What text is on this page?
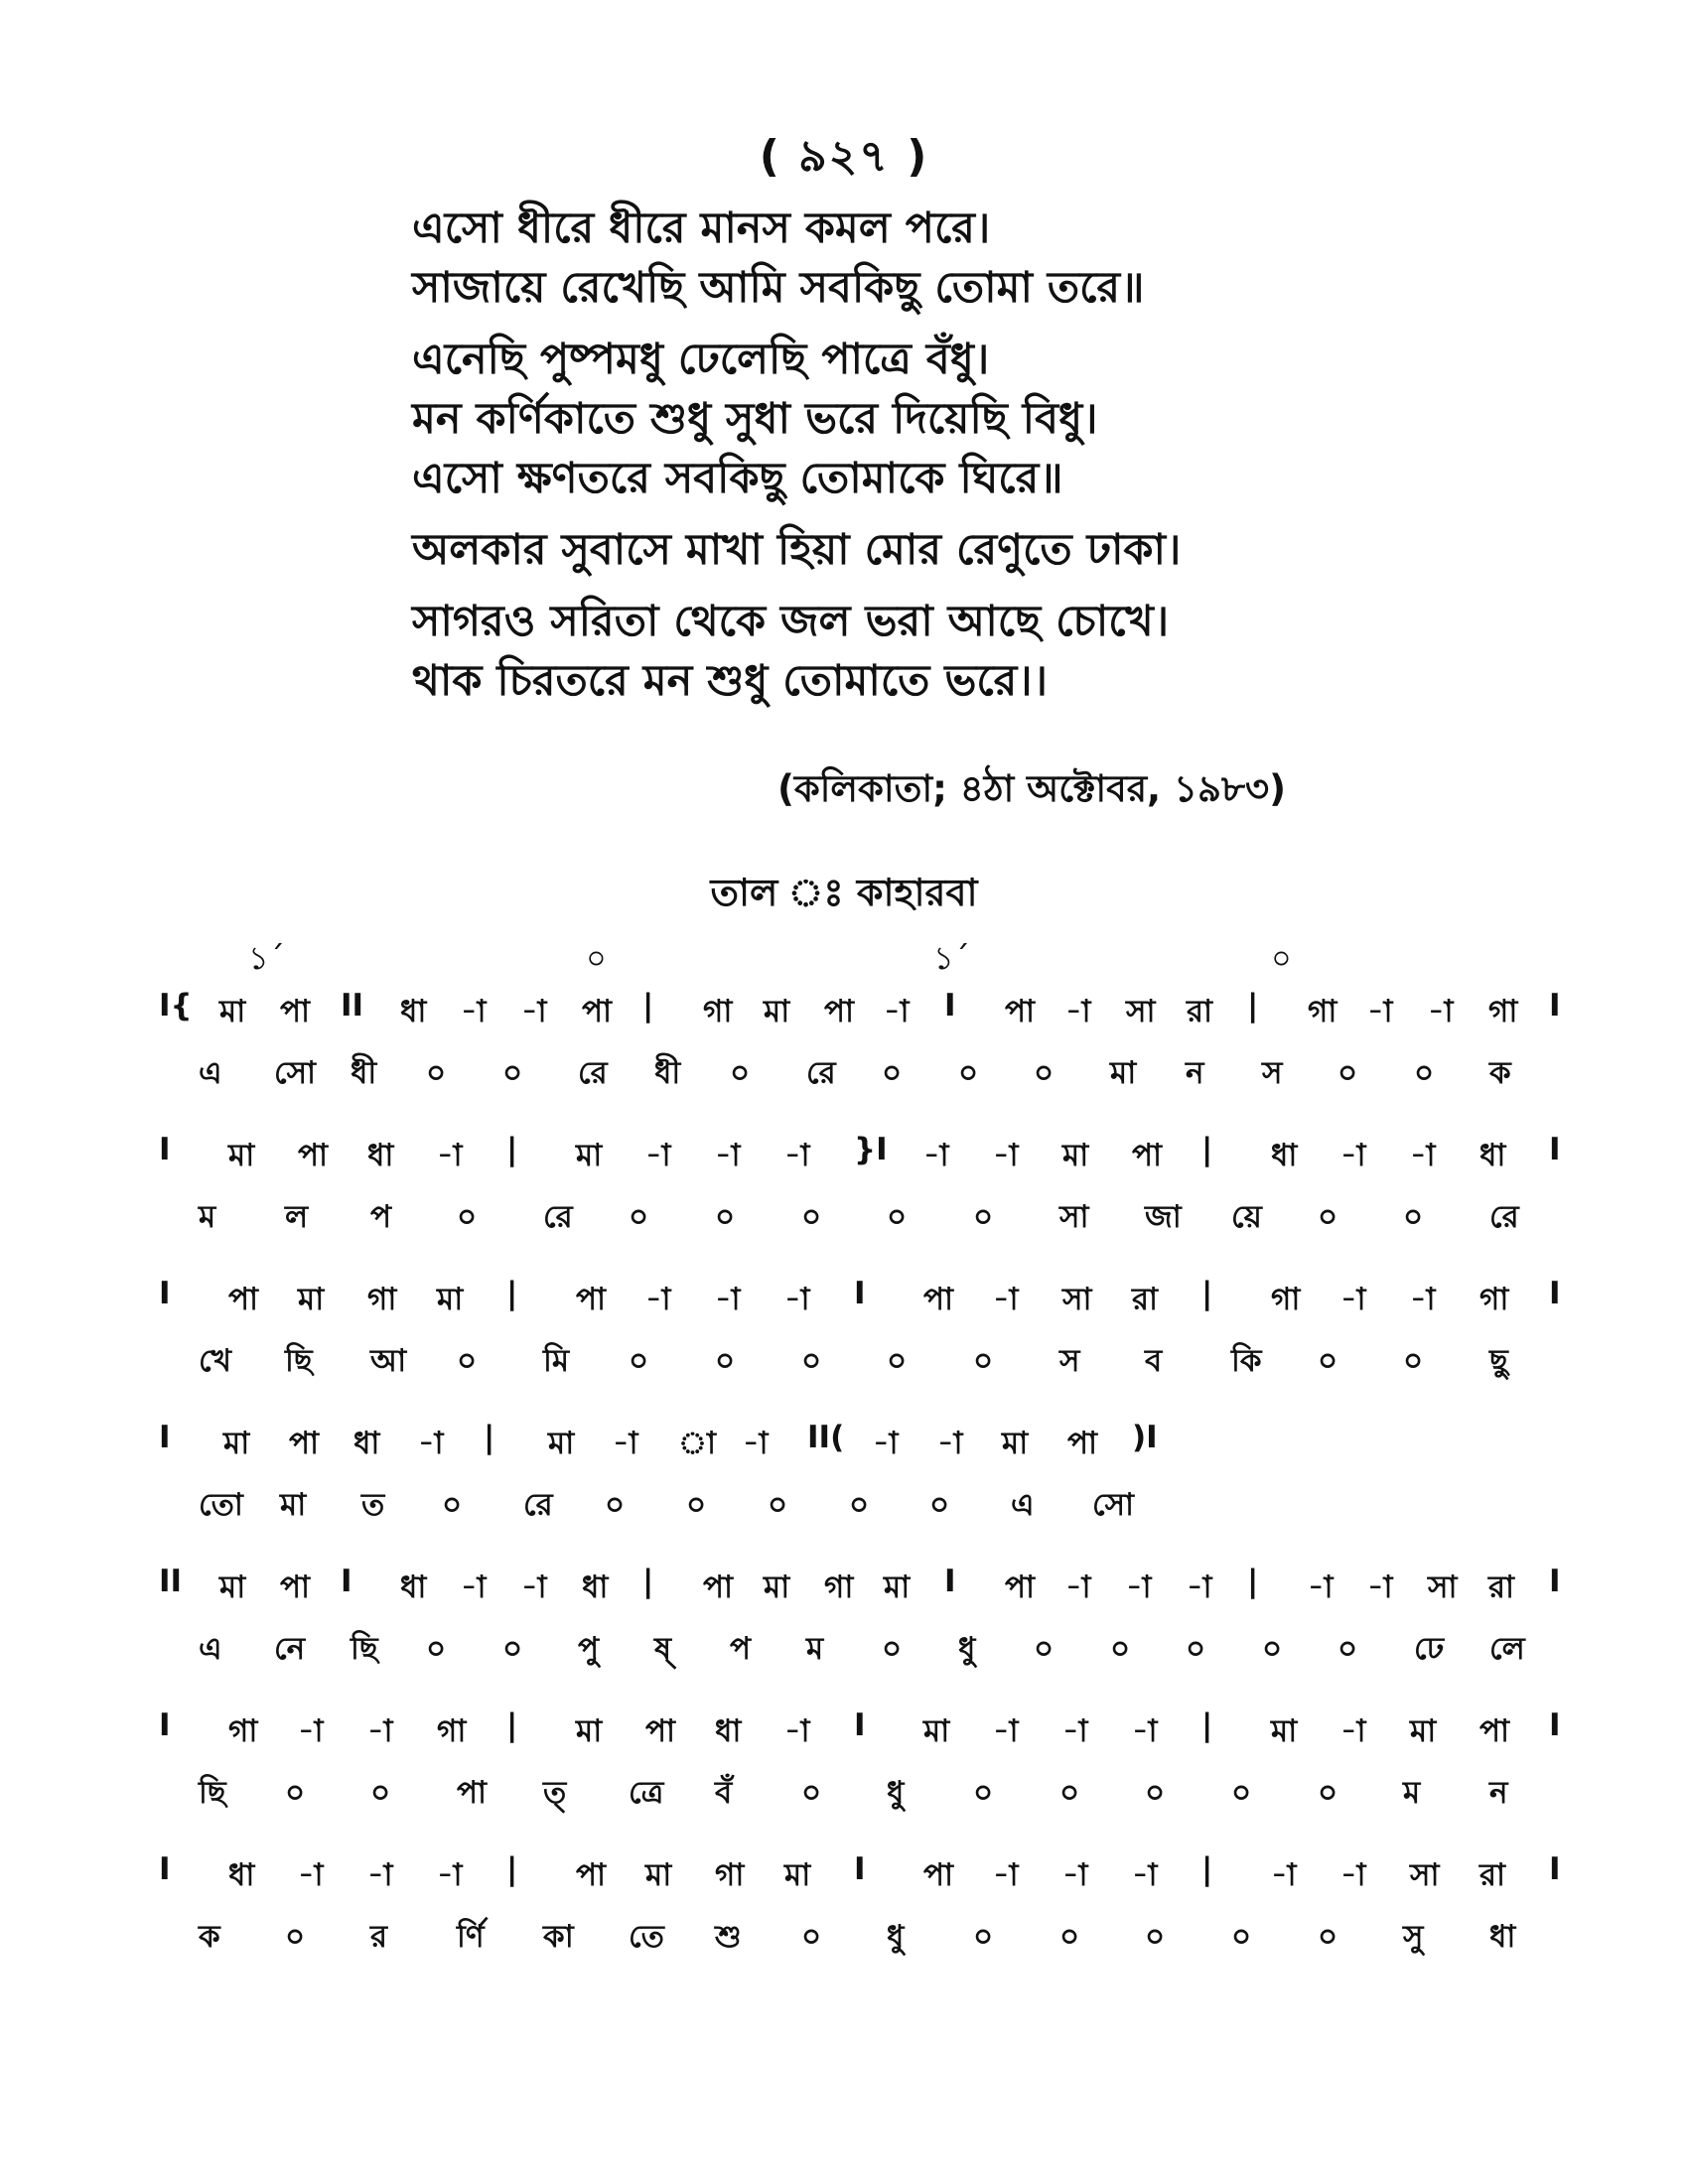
( ৯২৭ )
এসো ধীরে ধীরে মানস কমল পরে।
সাজায়ে রেখেছি আমি সবকিছু তোমা তরে॥
এনেছি পুষ্পমধু ঢেলেছি পাত্রে বঁধু।
মন কর্ণিকাতে শুধু সুধা ভরে দিয়েছি বিধু।
এসো ক্ষণতরে সবকিছু তোমাকে ঘিরে॥
অলকার সুবাসে মাখা হিয়া মোর রেণুতে ঢাকা।
সাগরও সরিতা থেকে জল ভরা আছে চোখে।
থাক চিরতরে মন শুধু তোমাতে ভরে।।
(কলিকাতা; ৪ঠা অক্টোবর, ১৯৮৩)
তাল ঃ কাহারবা
১´	০	১´	০
I{ মা পা II ধা -া -া পা | গা মা পা -া I পা -া সা রা | গা -া -া গা I
এ সো ধী ০ ০ রে ধী ০ রে ০ ০ ০ মা ন স ০ ০ ক
I মা পা ধা -া | মা -া -া -া }I -া -া মা পা | ধা -া -া ধা I
ম ল প ০ রে ০ ০ ০ ০ ০ সা জা য়ে ০ ০ রে
I পা মা গা মা | পা -া -া -া I পা -া সা রা | গা -া -া গা I
খে ছি আ ০ মি ০ ০ ০ ০ ০ স ব কি ০ ০ ছু
I মা পা ধা -া | মা -া া -া II( -া -া মা পা )I
তো মা ত ০ রে ০ ০ ০ ০ ০ এ সো
II মা পা I ধা -া -া ধা | পা মা গা মা I পা -া -া -া | -া -া সা রা I
এ নে ছি ০ ০ পু ষ্ প ম ০ ধু ০ ০ ০ ০ ০ ঢে লে
I গা -া -া গা | মা পা ধা -া I মা -া -া -া | মা -া মা পা I
ছি ০ ০ পা ত্ ত্রে বঁ ০ ধু ০ ০ ০ ০ ০ ম ন
I ধা -া -া -া | পা মা গা মা I পা -া -া -া | -া -া সা রা I
ক ০ র র্ণি কা তে শু ০ ধু ০ ০ ০ ০ ০ সু ধা
